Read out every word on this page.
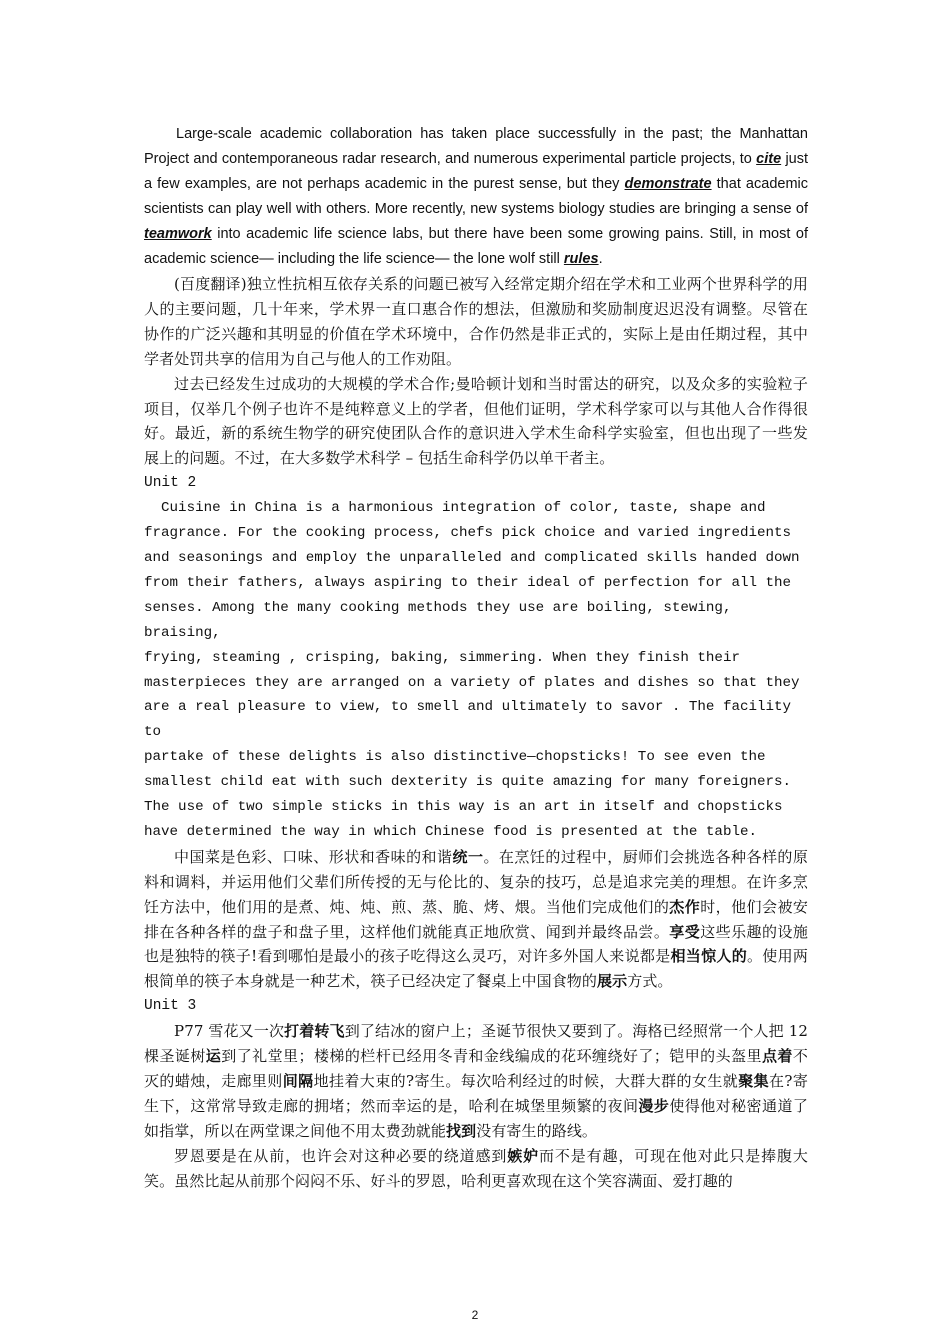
Large-scale academic collaboration has taken place successfully in the past; the Manhattan Project and contemporaneous radar research, and numerous experimental particle projects, to cite just a few examples, are not perhaps academic in the purest sense, but they demonstrate that academic scientists can play well with others. More recently, new systems biology studies are bringing a sense of teamwork into academic life science labs, but there have been some growing pains. Still, in most of academic science— including the life science— the lone wolf still rules.

(百度翻译)独立性抗相互依存关系的问题已被写入经常定期介绍在学术和工业两个世界科学的用人的主要问题，几十年来，学术界一直口惠合作的想法，但激励和奖励制度迟迟没有调整。尽管在协作的广泛兴趣和其明显的价值在学术环境中，合作仍然是非正式的，实际上是由任期过程，其中学者处罚共享的信用为自己与他人的工作劝阻。

过去已经发生过成功的大规模的学术合作;曼哈顿计划和当时雷达的研究，以及众多的实验粒子项目，仅举几个例子也许不是纯粹意义上的学者，但他们证明，学术科学家可以与其他人合作得很好。最近，新的系统生物学的研究使团队合作的意识进入学术生命科学实验室，但也出现了一些发展上的问题。不过，在大多数学术科学 – 包括生命科学仍以单干者主。

Unit 2

Cuisine in China is a harmonious integration of color, taste, shape and

fragrance. For the cooking process, chefs pick choice and varied ingredients

and seasonings and employ the unparalleled and complicated skills handed down

from their fathers, always aspiring to their ideal of perfection for all the

senses. Among the many cooking methods they use are boiling, stewing, braising,

frying, steaming , crisping, baking, simmering. When they finish their

masterpieces they are arranged on a variety of plates and dishes so that they

are a real pleasure to view, to smell and ultimately to savor . The facility to

partake of these delights is also distinctive—chopsticks! To see even the

smallest child eat with such dexterity is quite amazing for many foreigners.

The use of two simple sticks in this way is an art in itself and chopsticks

have determined the way in which Chinese food is presented at the table.

中国菜是色彩、口味、形状和香味的和谐统一。在烹饪的过程中，厨师们会挑选各种各样的原料和调料，并运用他们父辈们所传授的无与伦比的、复杂的技巧，总是追求完美的理想。在许多烹饪方法中，他们用的是煮、炖、炖、煎、蒸、脆、烤、煨。当他们完成他们的杰作时，他们会被安排在各种各样的盘子和盘子里，这样他们就能真正地欣赏、闻到并最终品尝。享受这些乐趣的设施也是独特的筷子!看到哪怕是最小的孩子吃得这么灵巧，对许多外国人来说都是相当惊人的。使用两根简单的筷子本身就是一种艺术，筷子已经决定了餐桌上中国食物的展示方式。

Unit 3

P77 雪花又一次打着转飞到了结冰的窗户上；圣诞节很快又要到了。海格已经照常一个人把 12 棵圣诞树运到了礼堂里；楼梯的栏杆已经用冬青和金线编成的花环缠绕好了；铠甲的头盔里点着不灭的蜡烛，走廊里则间隔地挂着大束的?寄生。每次哈利经过的时候，大群大群的女生就聚集在?寄生下，这常常导致走廊的拥堵；然而幸运的是，哈利在城堡里频繁的夜间漫步使得他对秘密通道了如指掌，所以在两堂课之间他不用太费劲就能找到没有寄生的路线。

罗恩要是在从前，也许会对这种必要的绕道感到嫉妒而不是有趣，可现在他对此只是捧腹大笑。虽然比起从前那个闷闷不乐、好斗的罗恩，哈利更喜欢现在这个笑容满面、爱打趣的

2
